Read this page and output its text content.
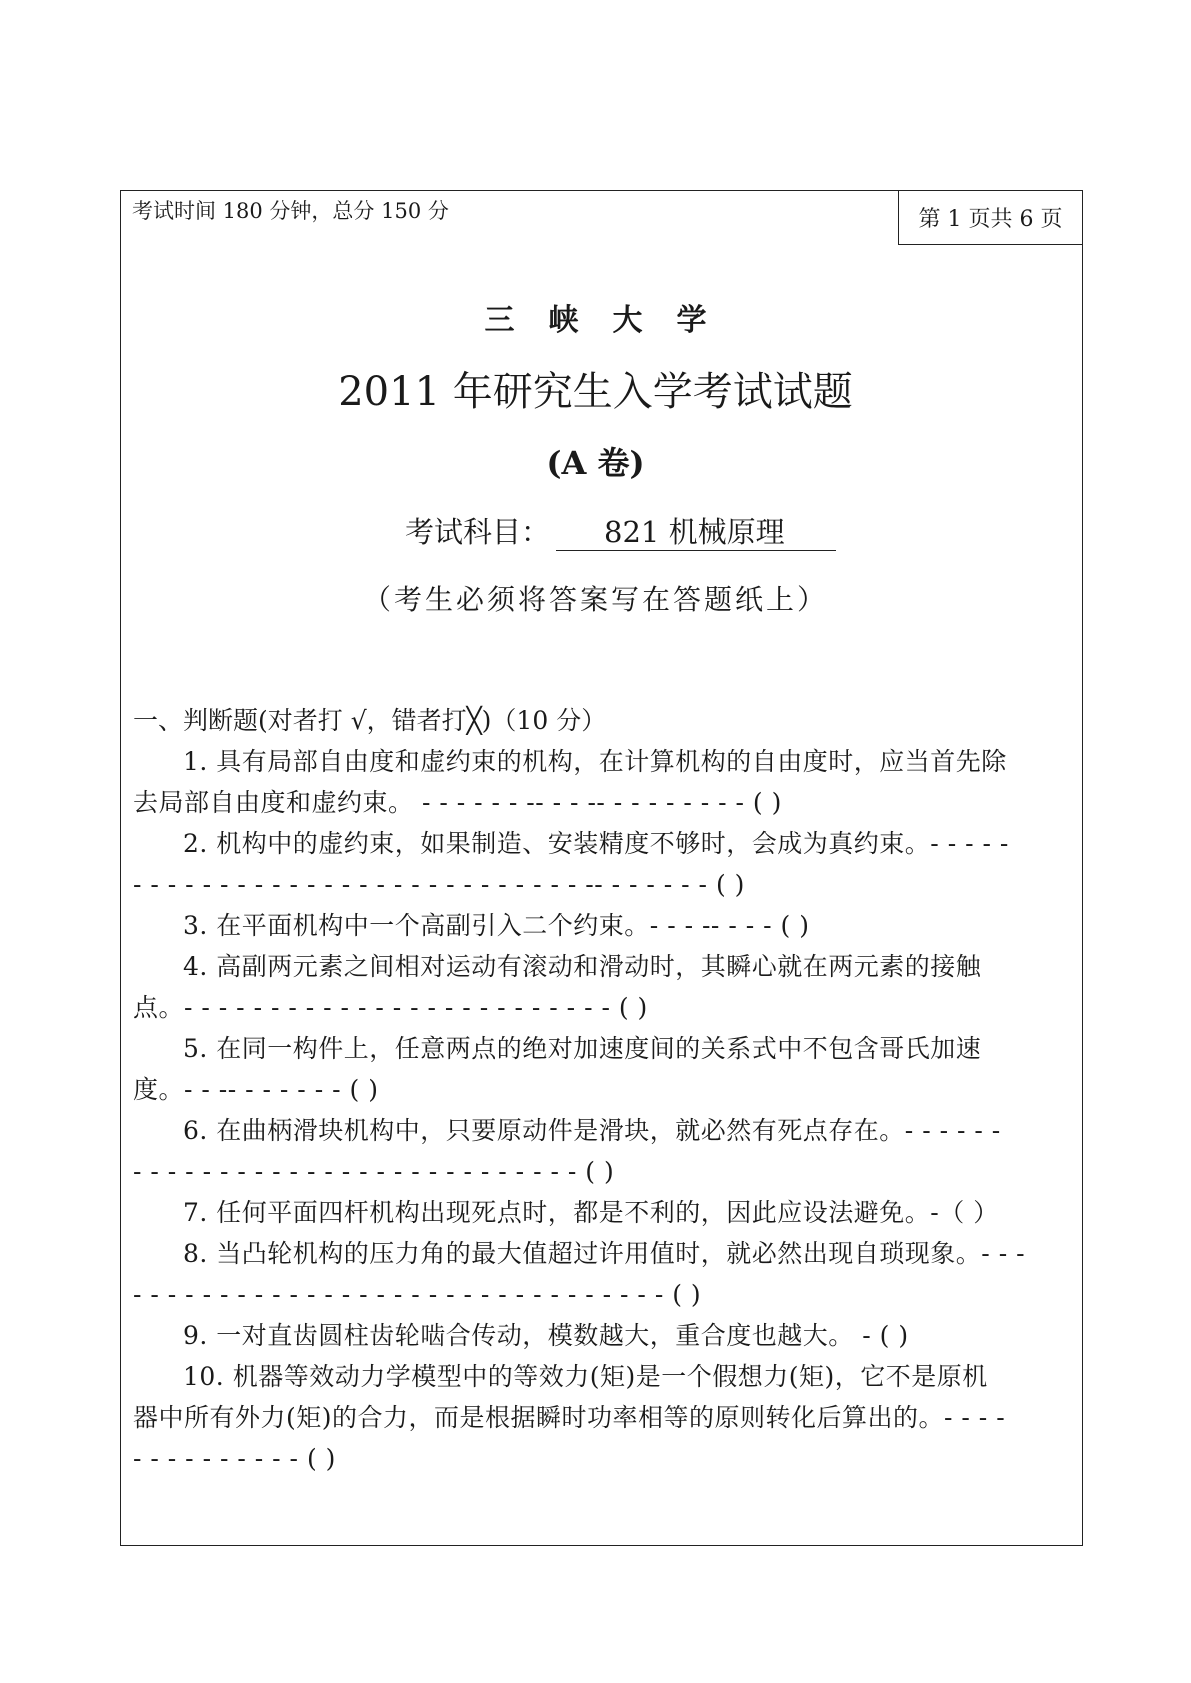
考试时间 180 分钟，总分 150 分	第 1 页共 6 页
三峡大学
2011 年研究生入学考试试题
(A 卷)
考试科目：	821 机械原理
（考生必须将答案写在答题纸上）
一、判断题(对者打 √，错者打╳)（10 分）
1. 具有局部自由度和虚约束的机构，在计算机构的自由度时，应当首先除
去局部自由度和虚约束。 - - - - - - -- - - -- - - - - - - - - ( )
2. 机构中的虚约束，如果制造、安装精度不够时，会成为真约束。- - - - -
- - - - - - - - - - - - - - - - - - - - - - - - - - -- - - - - - - ( )
3. 在平面机构中一个高副引入二个约束。- - - -- - - - ( )
4. 高副两元素之间相对运动有滚动和滑动时，其瞬心就在两元素的接触
点。- - - - - - - - - - - - - - - - - - - - - - - - - ( )
5. 在同一构件上，任意两点的绝对加速度间的关系式中不包含哥氏加速
度。- - -- - - - - - - ( )
6. 在曲柄滑块机构中，只要原动件是滑块，就必然有死点存在。- - - - - -
- - - - - - - - - - - - - - - - - - - - - - - - - - ( )
7. 任何平面四杆机构出现死点时，都是不利的，因此应设法避免。-（ ）
8. 当凸轮机构的压力角的最大值超过许用值时，就必然出现自琐现象。- - -
- - - - - - - - - - - - - - - - - - - - - - - - - - - - - - - ( )
9. 一对直齿圆柱齿轮啮合传动，模数越大，重合度也越大。 - ( )
10. 机器等效动力学模型中的等效力(矩)是一个假想力(矩)，它不是原机
器中所有外力(矩)的合力，而是根据瞬时功率相等的原则转化后算出的。- - - -
- - - - - - - - - - ( )
